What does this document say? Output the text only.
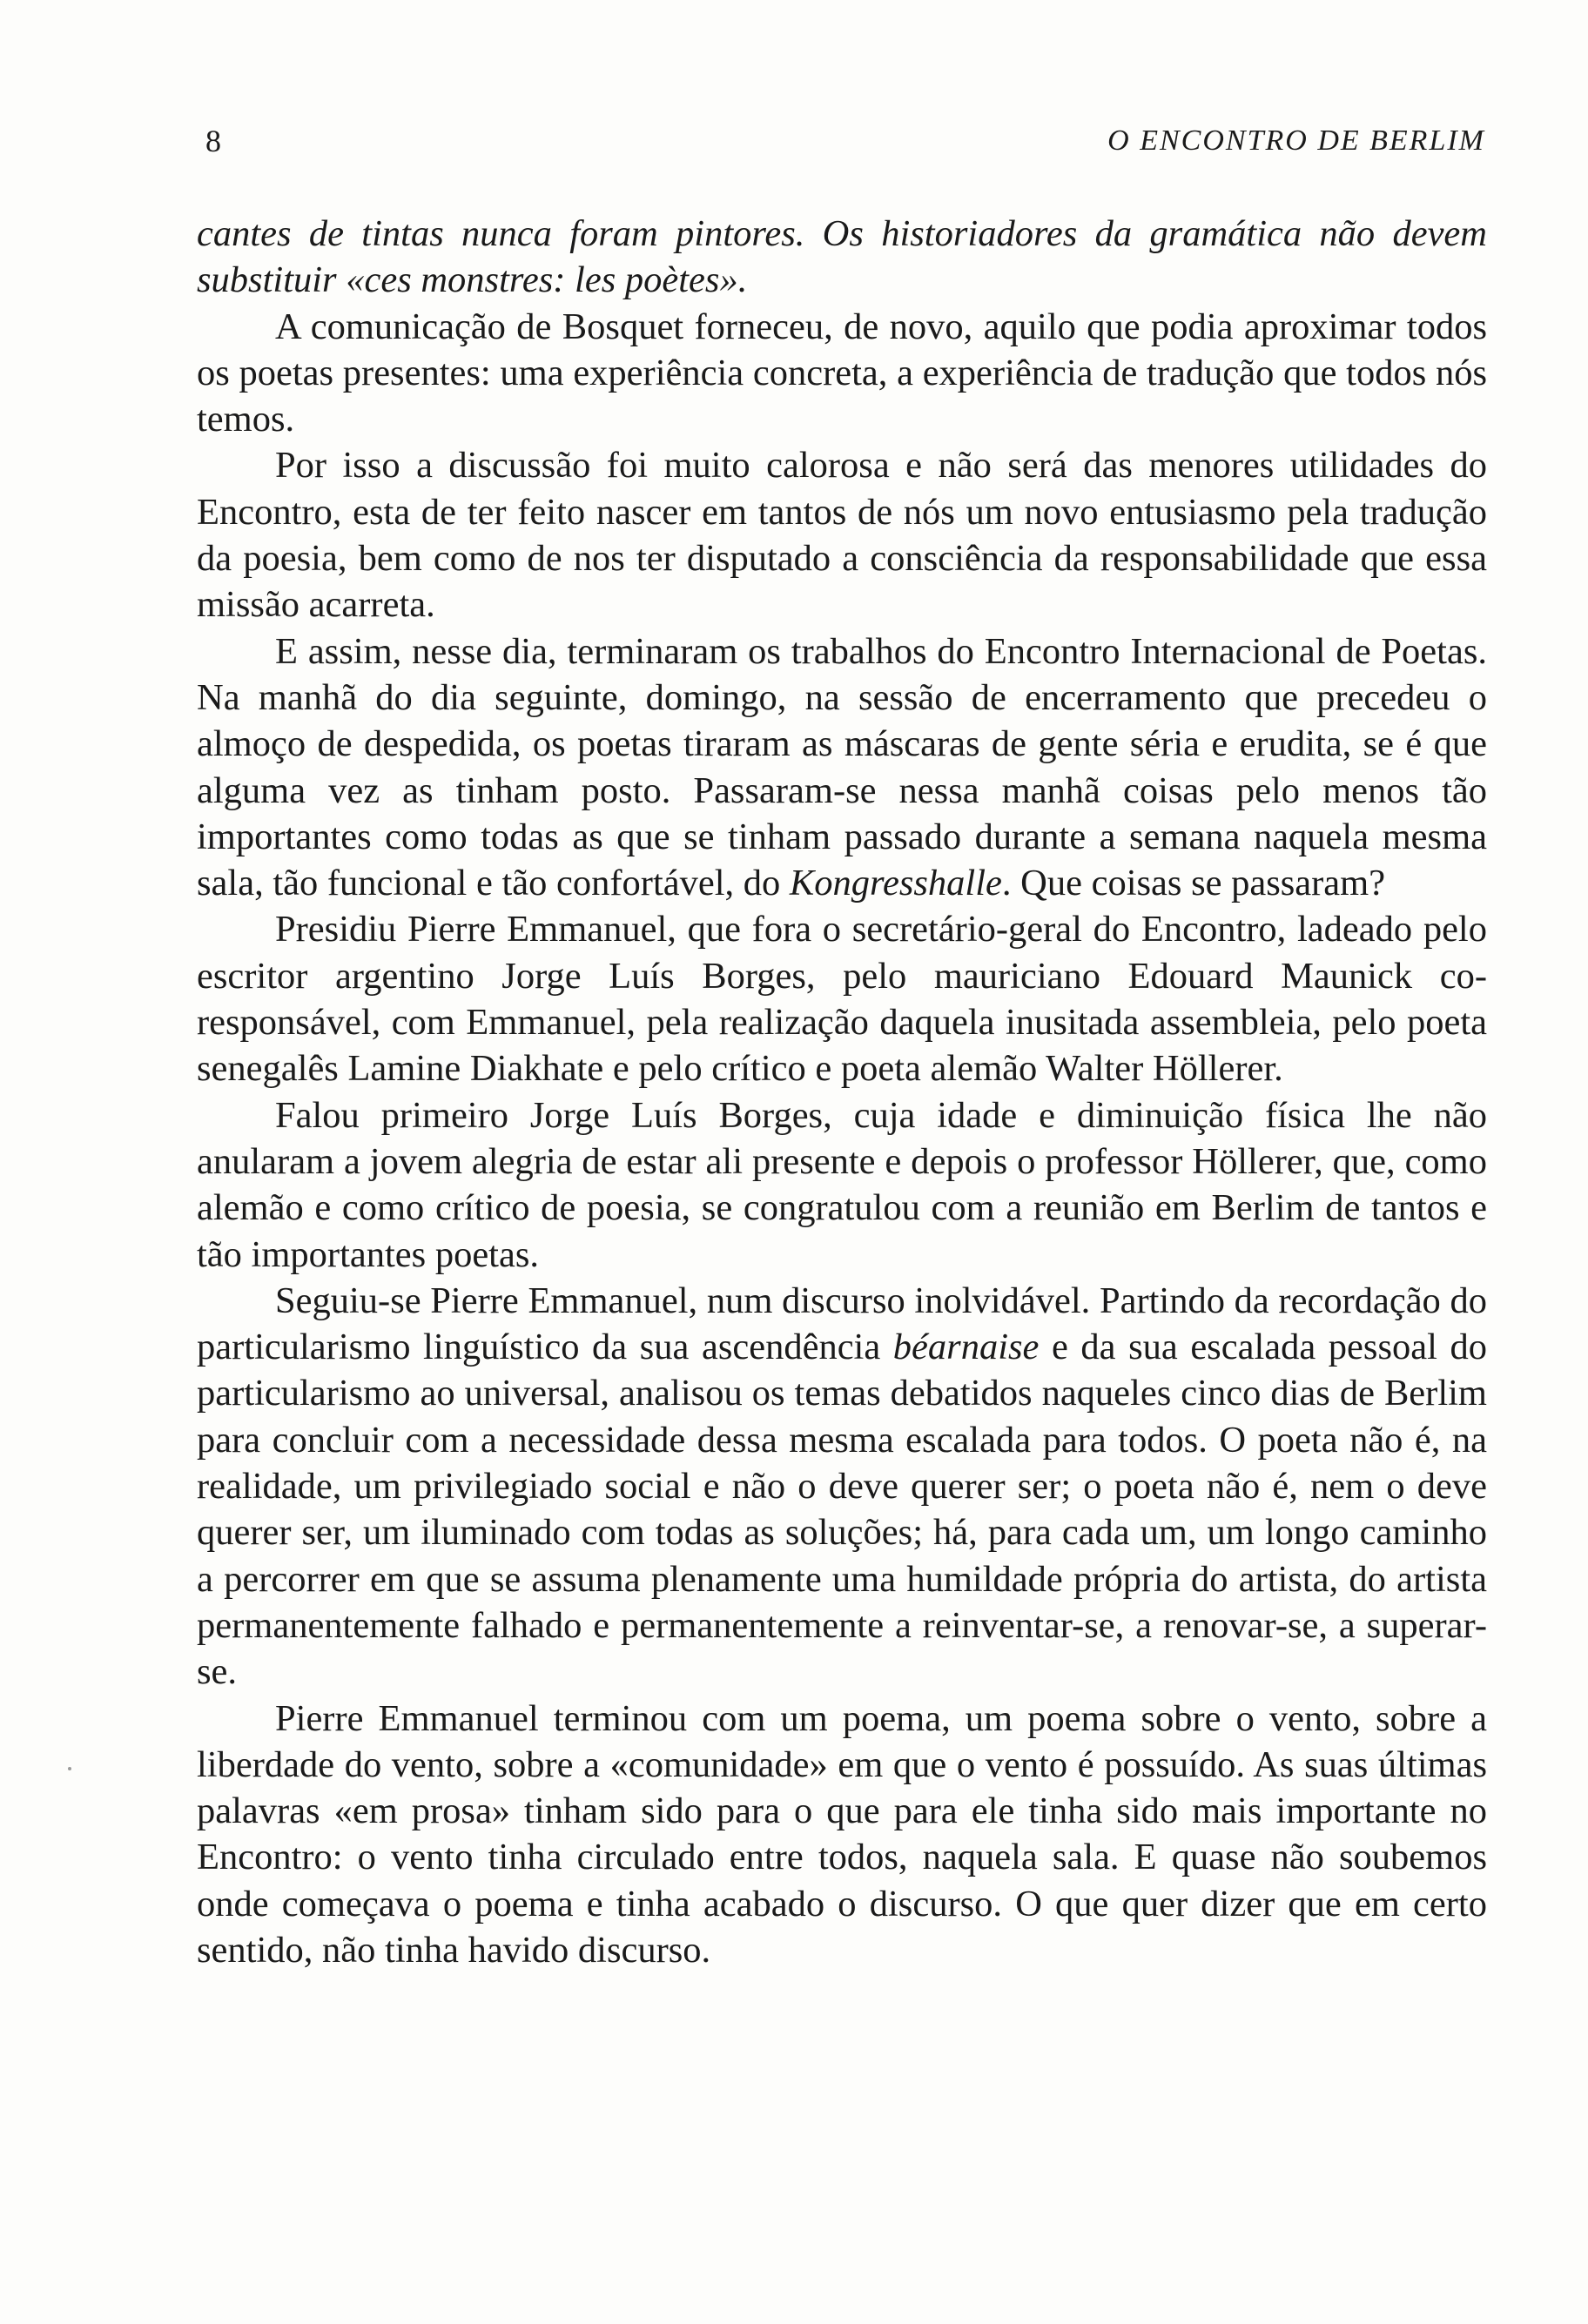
8	O ENCONTRO DE BERLIM

cantes de tintas nunca foram pintores. Os historiadores da gramática não devem substituir «ces monstres: les poètes».

A comunicação de Bosquet forneceu, de novo, aquilo que podia aproximar todos os poetas presentes: uma experiência concreta, a experiência de tradução que todos nós temos.

Por isso a discussão foi muito calorosa e não será das menores utilidades do Encontro, esta de ter feito nascer em tantos de nós um novo entusiasmo pela tradução da poesia, bem como de nos ter disputado a consciência da responsabilidade que essa missão acarreta.

E assim, nesse dia, terminaram os trabalhos do Encontro Internacional de Poetas. Na manhã do dia seguinte, domingo, na sessão de encerramento que precedeu o almoço de despedida, os poetas tiraram as máscaras de gente séria e erudita, se é que alguma vez as tinham posto. Passaram-se nessa manhã coisas pelo menos tão importantes como todas as que se tinham passado durante a semana naquela mesma sala, tão funcional e tão confortável, do Kongresshalle. Que coisas se passaram?

Presidiu Pierre Emmanuel, que fora o secretário-geral do Encontro, ladeado pelo escritor argentino Jorge Luís Borges, pelo mauriciano Edouard Maunick co-responsável, com Emmanuel, pela realização daquela inusitada assembleia, pelo poeta senegalês Lamine Diakhate e pelo crítico e poeta alemão Walter Höllerer.

Falou primeiro Jorge Luís Borges, cuja idade e diminuição física lhe não anularam a jovem alegria de estar ali presente e depois o professor Höllerer, que, como alemão e como crítico de poesia, se congratulou com a reunião em Berlim de tantos e tão importantes poetas.

Seguiu-se Pierre Emmanuel, num discurso inolvidável. Partindo da recordação do particularismo linguístico da sua ascendência béarnaise e da sua escalada pessoal do particularismo ao universal, analisou os temas debatidos naqueles cinco dias de Berlim para concluir com a necessidade dessa mesma escalada para todos. O poeta não é, na realidade, um privilegiado social e não o deve querer ser; o poeta não é, nem o deve querer ser, um iluminado com todas as soluções; há, para cada um, um longo caminho a percorrer em que se assuma plenamente uma humildade própria do artista, do artista permanentemente falhado e permanentemente a reinventar-se, a renovar-se, a superar-se.

Pierre Emmanuel terminou com um poema, um poema sobre o vento, sobre a liberdade do vento, sobre a «comunidade» em que o vento é possuído. As suas últimas palavras «em prosa» tinham sido para o que para ele tinha sido mais importante no Encontro: o vento tinha circulado entre todos, naquela sala. E quase não soubemos onde começava o poema e tinha acabado o discurso. O que quer dizer que em certo sentido, não tinha havido discurso.
